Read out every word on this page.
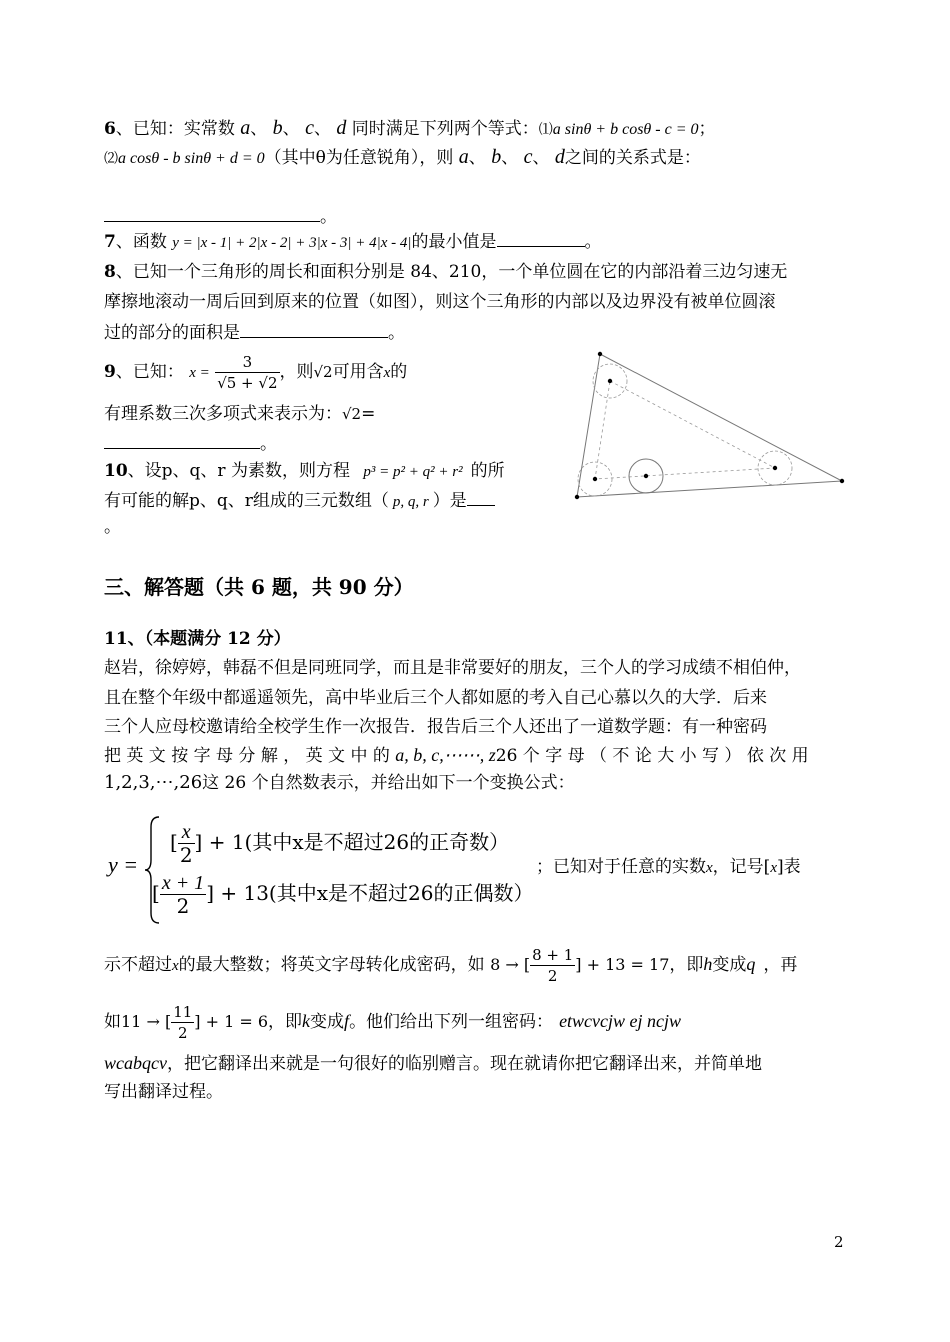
6、已知：实常数 a、 b、 c、 d 同时满足下列两个等式：⑴a sinθ + b cosθ - c = 0；
⑵a cosθ - b sinθ + d = 0（其中θ为任意锐角），则 a、 b、 c、 d之间的关系式是：
。
7、函数 y = |x - 1| + 2|x - 2| + 3|x - 3| + 4|x - 4|的最小值是	。
8、已知一个三角形的周长和面积分别是 84、210，一个单位圆在它的内部沿着三边匀速无
摩擦地滚动一周后回到原来的位置（如图），则这个三角形的内部以及边界没有被单位圆滚
过的部分的面积是	。
9、已知： $x = \frac{3}{√5 + √2}$ ，则√2可用含x的
有理系数三次多项式来表示为：√2=
。
10、设p、q、r 为素数，则方程 p³ = p² + q² + r² 的所
有可能的解p、q、r组成的三元数组（ p, q, r ）是
。
三、解答题（共 6 题，共 90 分）
11、（本题满分 12 分）
赵岩，徐婷婷，韩磊不但是同班同学，而且是非常要好的朋友，三个人的学习成绩不相伯仲，
且在整个年级中都遥遥领先，高中毕业后三个人都如愿的考入自己心慕以久的大学．后来
三个人应母校邀请给全校学生作一次报告．报告后三个人还出了一道数学题：有一种密码
把 英 文 按 字 母 分 解 ， 英 文 中 的 a, b, c,⋯⋯, z26 个 字 母 （ 不 论 大 小 写 ） 依 次 用
1,2,3,⋯,26这 26 个自然数表示，并给出如下一个变换公式：
y =
[ $\frac{x}{2}$ ] + 1(其中x是不超过26的正奇数）
[ $\frac{x + 1}{2}$ ] + 13(其中x是不超过26的正偶数）
；已知对于任意的实数x，记号[x]表
示不超过x的最大整数；将英文字母转化成密码，如 8 → [ $\frac{8 + 1}{2}$ ] + 13 = 17，即h变成q ，再
如11 → [ $\frac{11}{2}$ ] + 1 = 6，即k变成f。他们给出下列一组密码： etwcvcjw ej ncjw
wcabqcv，把它翻译出来就是一句很好的临别赠言。现在就请你把它翻译出来，并简单地
写出翻译过程。
2
